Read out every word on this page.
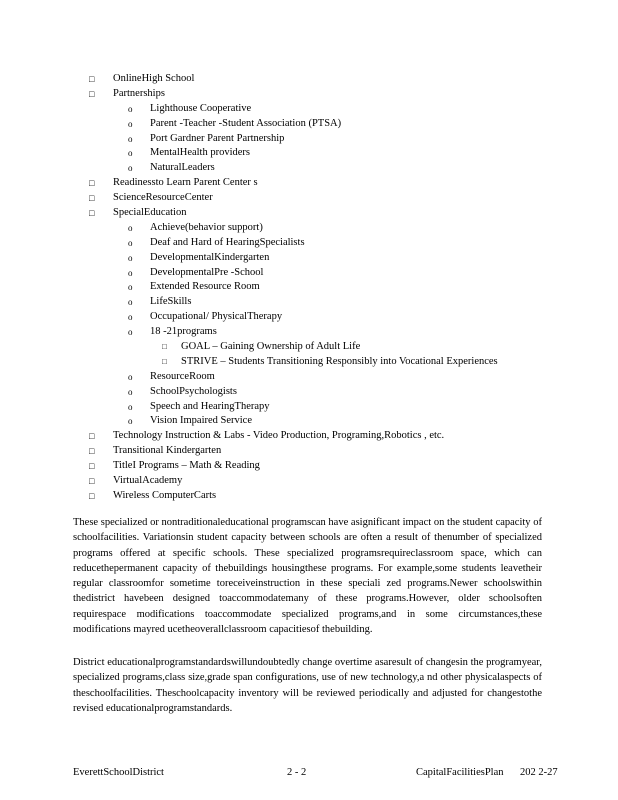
□ OnlineHigh School
□ Partnerships
o Lighthouse Cooperative
o Parent -Teacher -Student Association (PTSA)
o Port Gardner Parent Partnership
o MentalHealth providers
o NaturalLeaders
□ Readinessto Learn Parent Center s
□ ScienceResourceCenter
□ SpecialEducation
o Achieve(behavior support)
o Deaf and Hard of HearingSpecialists
o DevelopmentalKindergarten
o DevelopmentalPre -School
o Extended Resource Room
o LifeSkills
o Occupational/ PhysicalTherapy
o 18 -21programs
□ GOAL – Gaining Ownership of Adult Life
□ STRIVE – Students Transitioning Responsibly into Vocational Experiences
o ResourceRoom
o SchoolPsychologists
o Speech and HearingTherapy
o Vision Impaired Service
□ Technology Instruction & Labs - Video Production, Programing,Robotics , etc.
□ Transitional Kindergarten
□ TitleI Programs – Math & Reading
□ VirtualAcademy
□ Wireless ComputerCarts

These specialized or nontraditionaleducational programscan have asignificant impact on the student capacity of schoolfacilities. Variationsin student capacity between schools are often a result of thenumber of specialized programs offered at specific schools. These specialized programsrequireclassroom space, which can reducethepermanent capacity of thebuildings housingthese programs. For example,some students leavetheir regular classroomfor sometime toreceiveinstruction in these speciali zed programs.Newer schoolswithin thedistrict havebeen designed toaccommodatemany of these programs.However, older schoolsoften requirespace modifications toaccommodate specialized programs,and in some circumstances,these modifications mayred ucetheoverallclassroom capacitiesof thebuilding.

District educationalprogramstandardswillundoubtedly change overtime asaresult of changesin the programyear, specialized programs,class size,grade span configurations, use of new technology,a nd other physicalaspects of theschoolfacilities. Theschoolcapacity inventory will be reviewed periodically and adjusted for changestothe revised educationalprogramstandards.

EverettSchoolDistrict	2 - 2	CapitalFacilitiesPlan 202 2-27
